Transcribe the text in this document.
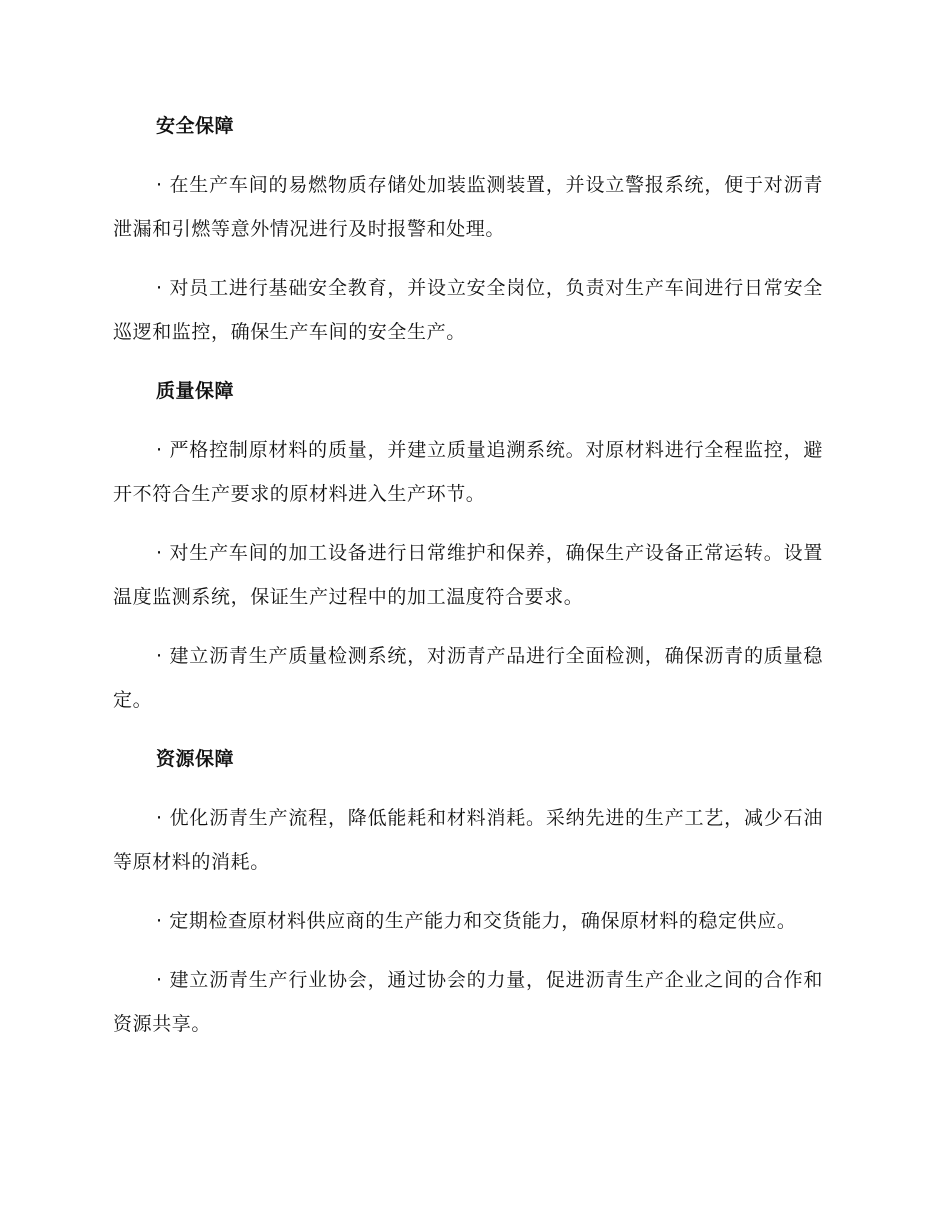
安全保障

· 在生产车间的易燃物质存储处加装监测装置，并设立警报系统，便于对沥青泄漏和引燃等意外情况进行及时报警和处理。

· 对员工进行基础安全教育，并设立安全岗位，负责对生产车间进行日常安全巡逻和监控，确保生产车间的安全生产。

质量保障

· 严格控制原材料的质量，并建立质量追溯系统。对原材料进行全程监控，避开不符合生产要求的原材料进入生产环节。

· 对生产车间的加工设备进行日常维护和保养，确保生产设备正常运转。设置温度监测系统，保证生产过程中的加工温度符合要求。

· 建立沥青生产质量检测系统，对沥青产品进行全面检测，确保沥青的质量稳定。

资源保障

· 优化沥青生产流程，降低能耗和材料消耗。采纳先进的生产工艺，减少石油等原材料的消耗。

· 定期检查原材料供应商的生产能力和交货能力，确保原材料的稳定供应。

· 建立沥青生产行业协会，通过协会的力量，促进沥青生产企业之间的合作和资源共享。
